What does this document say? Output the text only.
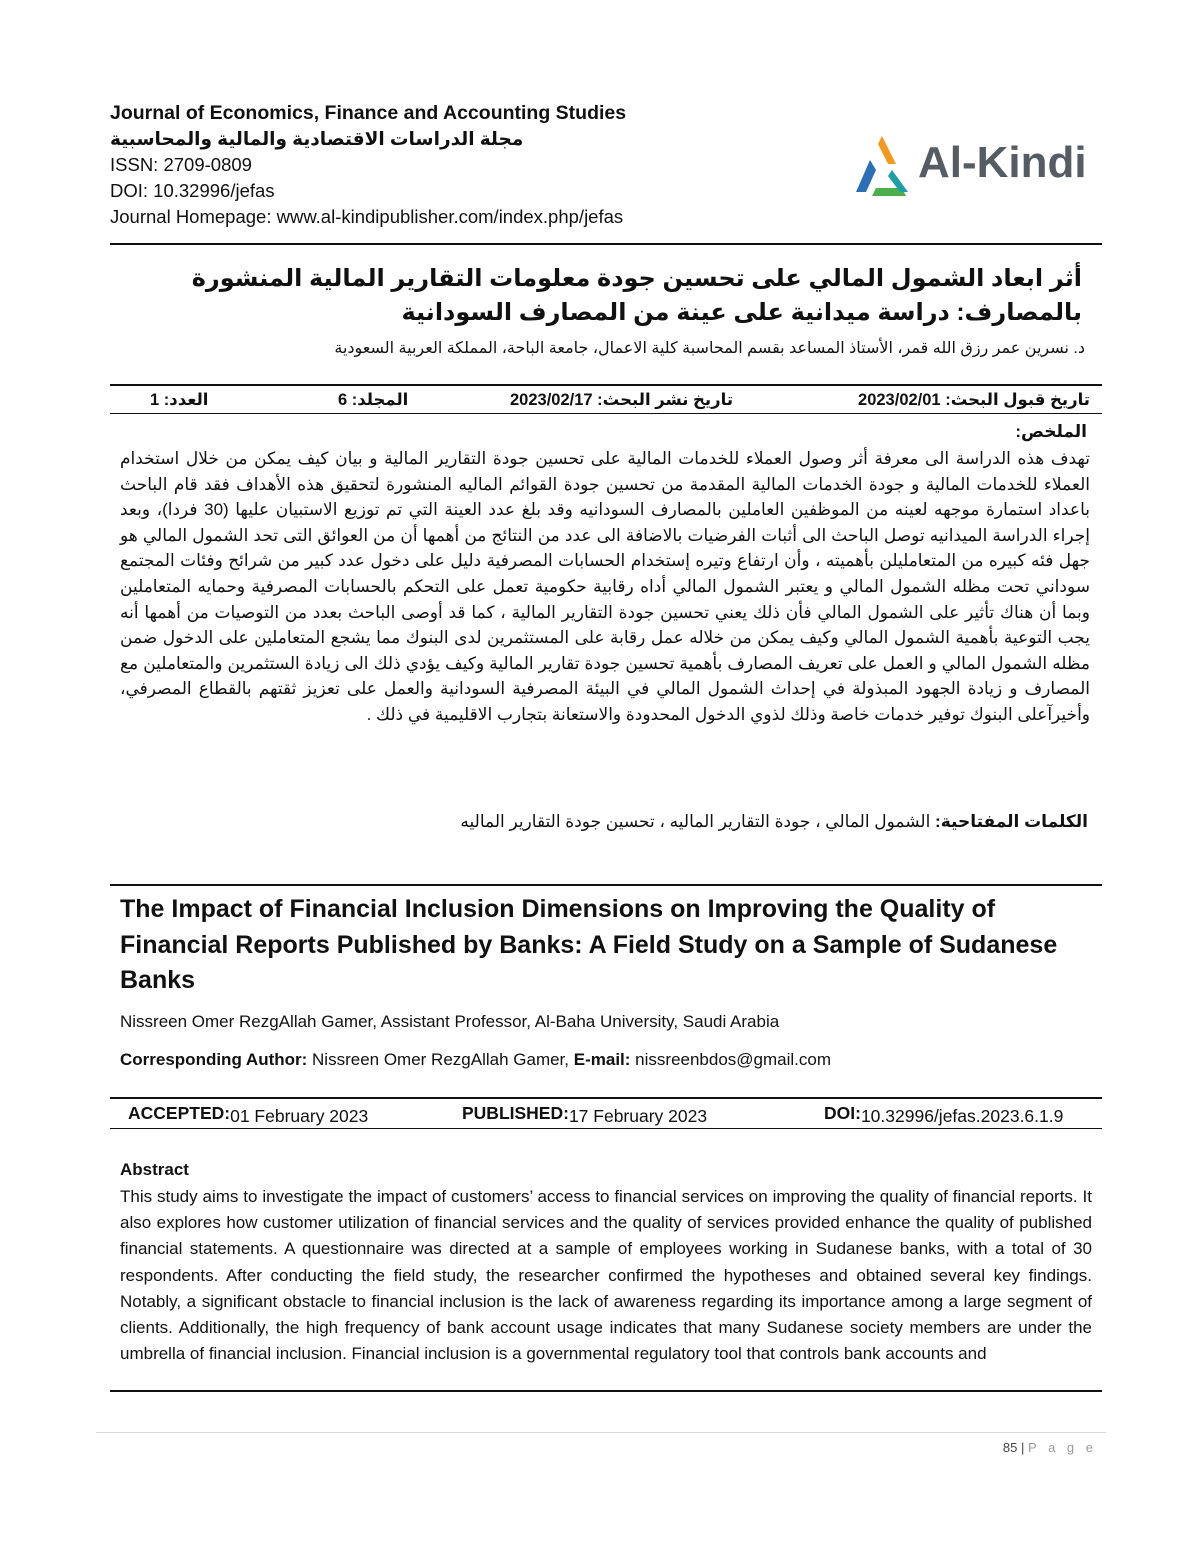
Journal of Economics, Finance and Accounting Studies
مجلة الدراسات الاقتصادية والمالية والمحاسبية
ISSN: 2709-0809
DOI: 10.32996/jefas
Journal Homepage: www.al-kindipublisher.com/index.php/jefas
Al-Kindi
أثر ابعاد الشمول المالي على تحسين جودة معلومات التقارير المالية المنشورة
بالمصارف: دراسة ميدانية على عينة من المصارف السودانية
د. نسرين عمر رزق الله قمر، الأستاذ المساعد بقسم المحاسبة كلية الاعمال، جامعة الباحة، المملكة العربية السعودية
تاريخ قبول البحث: 2023/02/01
تاريخ نشر البحث: 2023/02/17
المجلد: 6
العدد: 1
الملخص:
تهدف هذه الدراسة الى معرفة أثر وصول العملاء للخدمات المالية على تحسين جودة التقارير المالية و بيان كيف يمكن من خلال استخدام العملاء للخدمات المالية و جودة الخدمات المالية المقدمة من تحسين جودة القوائم الماليه المنشورة لتحقيق هذه الأهداف فقد قام الباحث باعداد استمارة موجهه لعينه من الموظفين العاملين بالمصارف السودانيه وقد بلغ عدد العينة التي تم توزيع الاستبيان عليها (30 فردا)، وبعد إجراء الدراسة الميدانيه توصل الباحث الى أثبات الفرضيات بالاضافة الى عدد من النتائج من أهمها أن من العوائق التى تحد الشمول المالي هو جهل فئه كبيره من المتعامليلن بأهميته ، وأن ارتفاع وتيره إستخدام الحسابات المصرفية دليل على دخول عدد كبير من شرائح وفئات المجتمع سوداني تحت مظله الشمول المالي و يعتبر الشمول المالي أداه رقابية حكومية تعمل على التحكم بالحسابات المصرفية وحمايه المتعاملين وبما أن هناك تأثير على الشمول المالي فأن ذلك يعني تحسين جودة التقارير المالية ، كما قد أوصى الباحث بعدد من التوصيات من أهمها أنه يجب التوعية بأهمية الشمول المالي وكيف يمكن من خلاله عمل رقابة على المستثمرين لدى البنوك مما يشجع المتعاملين على الدخول ضمن مظله الشمول المالي و العمل على تعريف المصارف بأهمية تحسين جودة تقارير المالية وكيف يؤدي ذلك الى زيادة الستثمرين والمتعاملين مع المصارف و زيادة الجهود المبذولة في إحداث الشمول المالي في البيئة المصرفية السودانية والعمل على تعزيز ثقتهم بالقطاع المصرفي، وأخيرآعلى البنوك توفير خدمات خاصة وذلك لذوي الدخول المحدودة والاستعانة بتجارب الاقليمية في ذلك .
الكلمات المفتاحية: الشمول المالي ، جودة التقارير الماليه ، تحسين جودة التقارير الماليه
The Impact of Financial Inclusion Dimensions on Improving the Quality of Financial Reports Published by Banks: A Field Study on a Sample of Sudanese Banks
Nissreen Omer RezgAllah Gamer, Assistant Professor, Al-Baha University, Saudi Arabia
Corresponding Author: Nissreen Omer RezgAllah Gamer, E-mail: nissreenbdos@gmail.com
ACCEPTED: 01 February 2023	PUBLISHED: 17 February 2023	DOI: 10.32996/jefas.2023.6.1.9
Abstract
This study aims to investigate the impact of customers’ access to financial services on improving the quality of financial reports. It also explores how customer utilization of financial services and the quality of services provided enhance the quality of published financial statements. A questionnaire was directed at a sample of employees working in Sudanese banks, with a total of 30 respondents. After conducting the field study, the researcher confirmed the hypotheses and obtained several key findings. Notably, a significant obstacle to financial inclusion is the lack of awareness regarding its importance among a large segment of clients. Additionally, the high frequency of bank account usage indicates that many Sudanese society members are under the umbrella of financial inclusion. Financial inclusion is a governmental regulatory tool that controls bank accounts and
85 | P a g e
